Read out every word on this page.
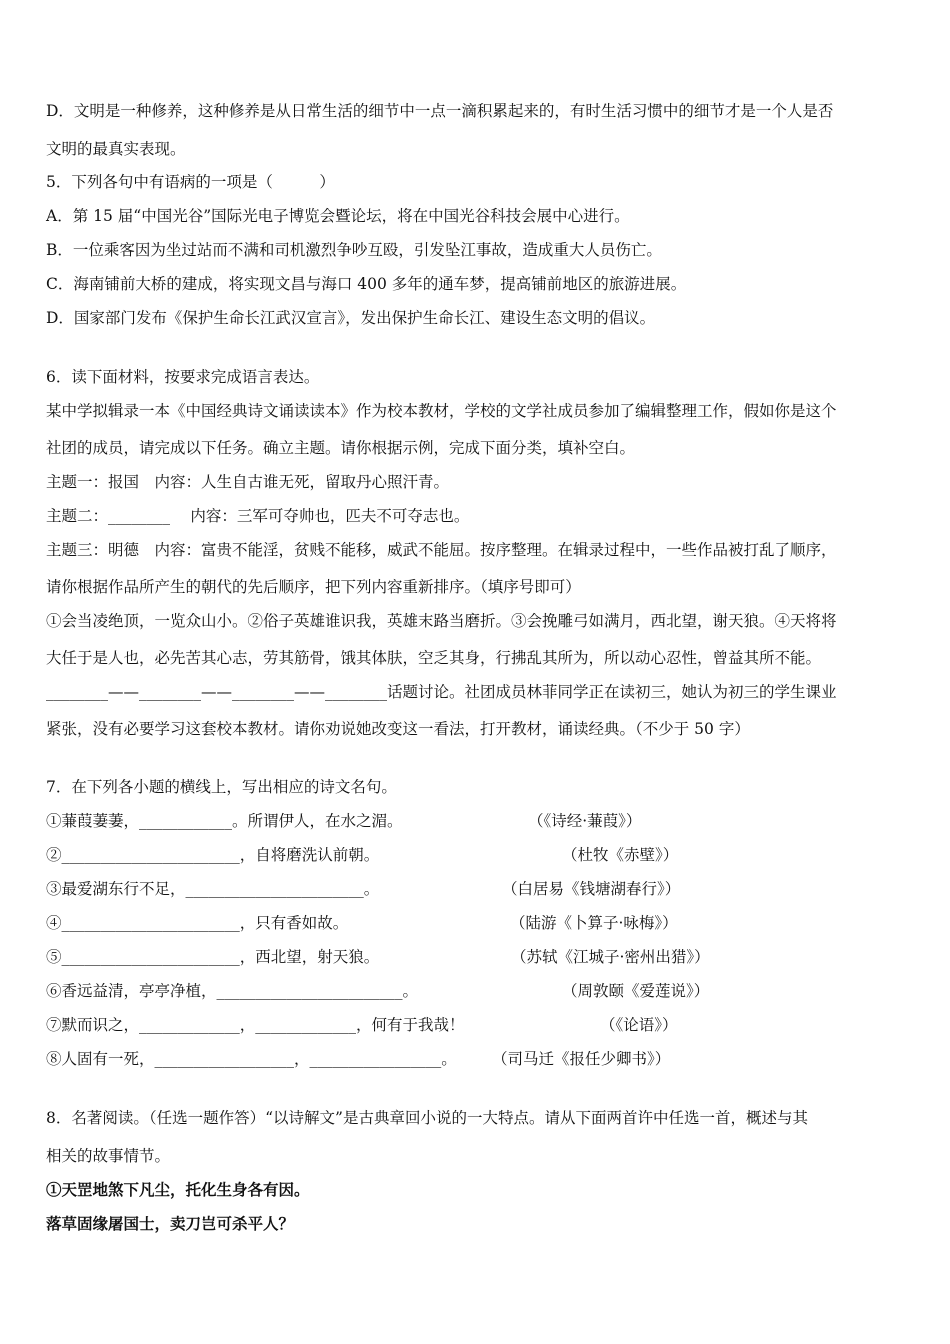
D．文明是一种修养，这种修养是从日常生活的细节中一点一滴积累起来的，有时生活习惯中的细节才是一个人是否
文明的最真实表现。
5．下列各句中有语病的一项是（　　　）
A．第 15 届“中国光谷”国际光电子博览会暨论坛，将在中国光谷科技会展中心进行。
B．一位乘客因为坐过站而不满和司机激烈争吵互殴，引发坠江事故，造成重大人员伤亡。
C．海南铺前大桥的建成，将实现文昌与海口 400 多年的通车梦，提高铺前地区的旅游进展。
D．国家部门发布《保护生命长江武汉宣言》，发出保护生命长江、建设生态文明的倡议。
6．读下面材料，按要求完成语言表达。
某中学拟辑录一本《中国经典诗文诵读读本》作为校本教材，学校的文学社成员参加了编辑整理工作，假如你是这个
社团的成员，请完成以下任务。确立主题。请你根据示例，完成下面分类，填补空白。
主题一：报国　内容：人生自古谁无死，留取丹心照汗青。
主题二：________　 内容：三军可夺帅也，匹夫不可夺志也。
主题三：明德　内容：富贵不能淫，贫贱不能移，威武不能屈。按序整理。在辑录过程中，一些作品被打乱了顺序，
请你根据作品所产生的朝代的先后顺序，把下列内容重新排序。（填序号即可）
①会当凌绝顶，一览众山小。②俗子英雄谁识我，英雄末路当磨折。③会挽雕弓如满月，西北望，谢天狼。④天将将
大任于是人也，必先苦其心志，劳其筋骨，饿其体肤，空乏其身，行拂乱其所为，所以动心忍性，曾益其所不能。
________——________——________——________话题讨论。社团成员林菲同学正在读初三，她认为初三的学生课业
紧张，没有必要学习这套校本教材。请你劝说她改变这一看法，打开教材，诵读经典。（不少于 50 字）
7．在下列各小题的横线上，写出相应的诗文名句。
①蒹葭萋萋，____________。所谓伊人，在水之湄。	（《诗经·蒹葭》）
②_______________________，自将磨洗认前朝。	（杜牧《赤壁》）
③最爱湖东行不足，_______________________。	（白居易《钱塘湖春行》）
④_______________________，只有香如故。	（陆游《卜算子·咏梅》）
⑤_______________________，西北望，射天狼。	（苏轼《江城子·密州出猎》）
⑥香远益清，亭亭净植，________________________。	（周敦颐《爱莲说》）
⑦默而识之，_____________，_____________，何有于我哉！	（《论语》）
⑧人固有一死，__________________，_________________。 （司马迁《报任少卿书》）
8．名著阅读。（任选一题作答）“以诗解文”是古典章回小说的一大特点。请从下面两首许中任选一首，概述与其
相关的故事情节。
①天罡地煞下凡尘，托化生身各有因。
落草固缘屠国士，卖刀岂可杀平人？
